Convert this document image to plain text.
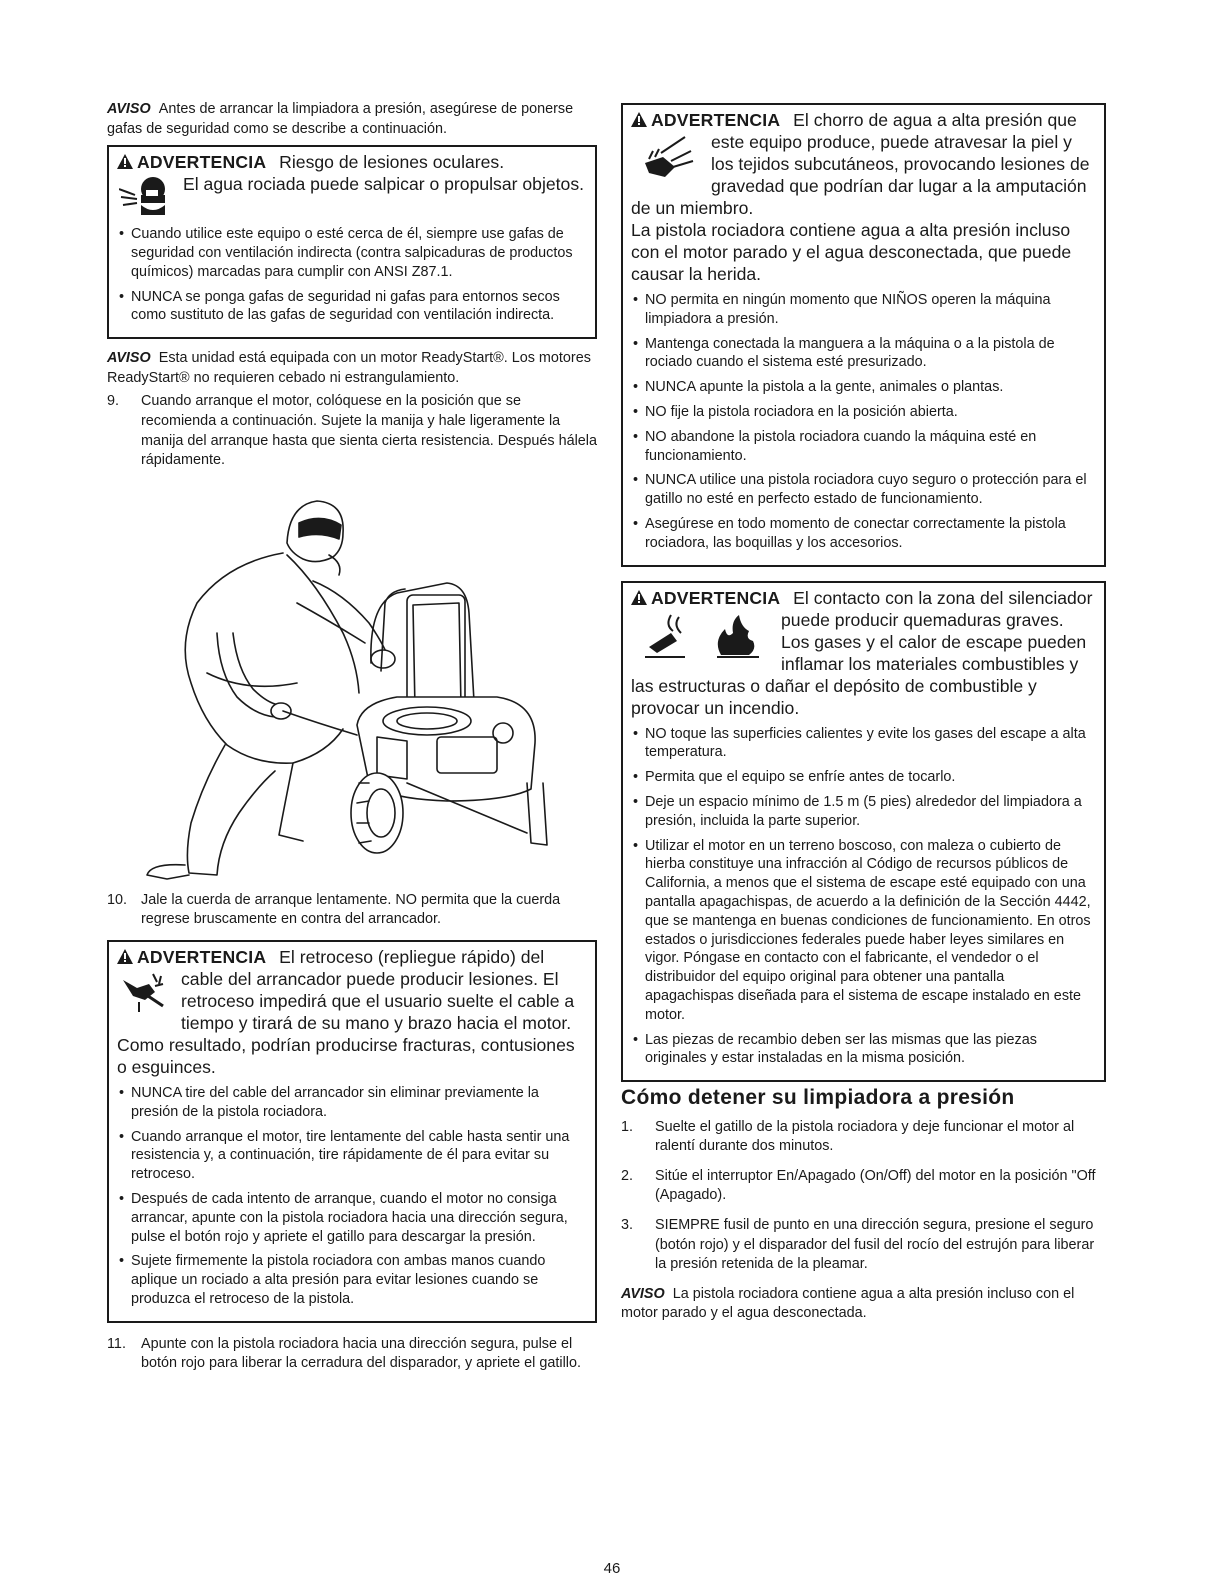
AVISO Antes de arrancar la limpiadora a presión, asegúrese de ponerse gafas de seguridad como se describe a continuación.

ADVERTENCIA Riesgo de lesiones oculares.
El agua rociada puede salpicar o propulsar objetos.
• Cuando utilice este equipo o esté cerca de él, siempre use gafas de seguridad con ventilación indirecta (contra salpicaduras de productos químicos) marcadas para cumplir con ANSI Z87.1.
• NUNCA se ponga gafas de seguridad ni gafas para entornos secos como sustituto de las gafas de seguridad con ventilación indirecta.

AVISO Esta unidad está equipada con un motor ReadyStart®. Los motores ReadyStart® no requieren cebado ni estrangulamiento.

9. Cuando arranque el motor, colóquese en la posición que se recomienda a continuación. Sujete la manija y hale ligeramente la manija del arranque hasta que sienta cierta resistencia. Después hálela rápidamente.
10. Jale la cuerda de arranque lentamente. NO permita que la cuerda regrese bruscamente en contra del arrancador.
ADVERTENCIA El retroceso (repliegue rápido) del
cable del arrancador puede producir lesiones. El retroceso impedirá que el usuario suelte el cable a tiempo y tirará de su mano y brazo hacia el motor. Como resultado, podrían producirse fracturas, contusiones o esguinces.
• NUNCA tire del cable del arrancador sin eliminar previamente la presión de la pistola rociadora.
• Cuando arranque el motor, tire lentamente del cable hasta sentir una resistencia y, a continuación, tire rápidamente de él para evitar su retroceso.
• Después de cada intento de arranque, cuando el motor no consiga arrancar, apunte con la pistola rociadora hacia una dirección segura, pulse el botón rojo y apriete el gatillo para descargar la presión.
• Sujete firmemente la pistola rociadora con ambas manos cuando aplique un rociado a alta presión para evitar lesiones cuando se produzca el retroceso de la pistola.
11. Apunte con la pistola rociadora hacia una dirección segura, pulse el botón rojo para liberar la cerradura del disparador, y apriete el gatillo.
ADVERTENCIA El chorro de agua a alta presión que
este equipo produce, puede atravesar la piel y los tejidos subcutáneos, provocando lesiones de gravedad que podrían dar lugar a la amputación de un miembro.

La pistola rociadora contiene agua a alta presión incluso con el motor parado y el agua desconectada, que puede causar la herida.

• NO permita en ningún momento que NIÑOS operen la máquina limpiadora a presión.
• Mantenga conectada la manguera a la máquina o a la pistola de rociado cuando el sistema esté presurizado.
• NUNCA apunte la pistola a la gente, animales o plantas.
• NO fije la pistola rociadora en la posición abierta.
• NO abandone la pistola rociadora cuando la máquina esté en funcionamiento.
• NUNCA utilice una pistola rociadora cuyo seguro o protección para el gatillo no esté en perfecto estado de funcionamiento.
• Asegúrese en todo momento de conectar correctamente la pistola rociadora, las boquillas y los accesorios.
ADVERTENCIA El contacto con la zona del silenciador
puede producir quemaduras graves. Los gases y el calor de escape pueden inflamar los materiales combustibles y las estructuras o dañar el depósito de combustible y provocar un incendio.
• NO toque las superficies calientes y evite los gases del escape a alta temperatura.
• Permita que el equipo se enfríe antes de tocarlo.
• Deje un espacio mínimo de 1.5 m (5 pies) alrededor del limpiadora a presión, incluida la parte superior.
• Utilizar el motor en un terreno boscoso, con maleza o cubierto de hierba constituye una infracción al Código de recursos públicos de California, a menos que el sistema de escape esté equipado con una pantalla apagachispas, de acuerdo a la definición de la Sección 4442, que se mantenga en buenas condiciones de funcionamiento. En otros estados o jurisdicciones federales puede haber leyes similares en vigor. Póngase en contacto con el fabricante, el vendedor o el distribuidor del equipo original para obtener una pantalla apagachispas diseñada para el sistema de escape instalado en este motor.
• Las piezas de recambio deben ser las mismas que las piezas originales y estar instaladas en la misma posición.
Cómo detener su limpiadora a presión
1. Suelte el gatillo de la pistola rociadora y deje funcionar el motor al ralentí durante dos minutos.
2. Sitúe el interruptor En/Apagado (On/Off) del motor en la posición "Off (Apagado).
3. SIEMPRE fusil de punto en una dirección segura, presione el seguro (botón rojo) y el disparador del fusil del rocío del estrujón para liberar la presión retenida de la pleamar.

AVISO La pistola rociadora contiene agua a alta presión incluso con el motor parado y el agua desconectada.

46
